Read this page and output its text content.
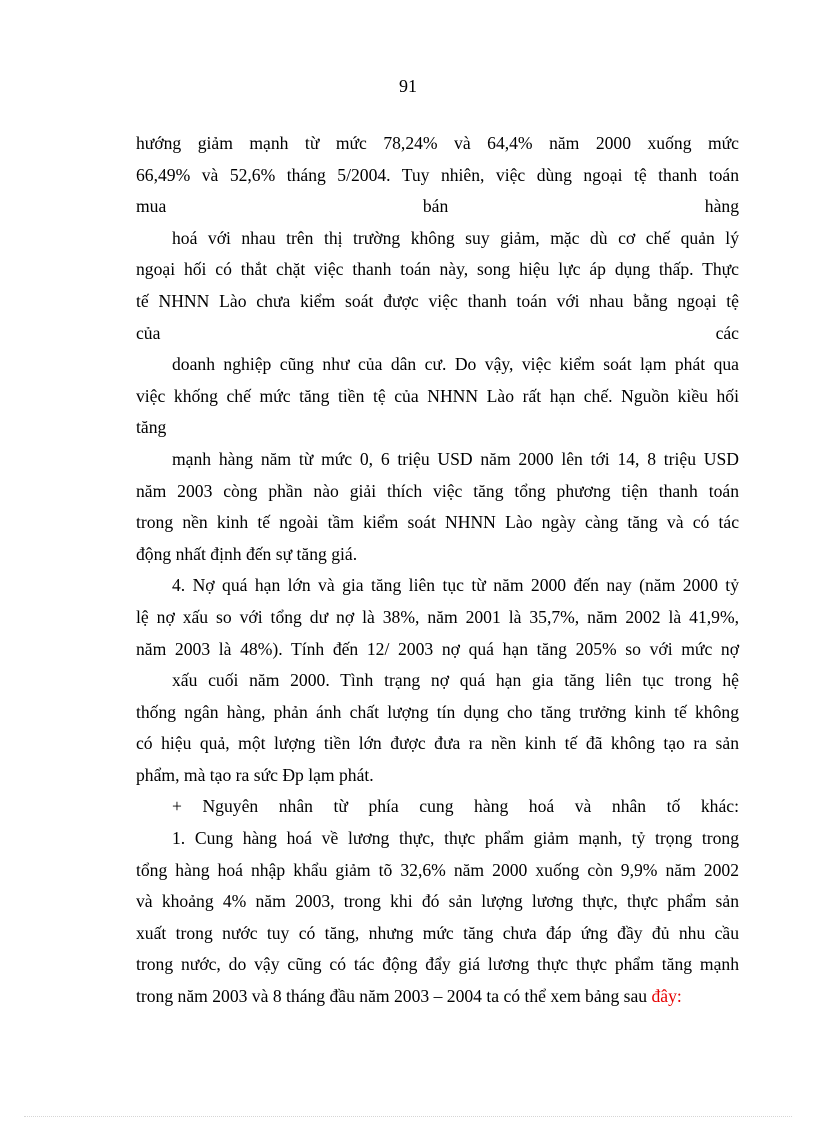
91
hướng giảm mạnh từ mức 78,24% và 64,4% năm 2000 xuống mức
66,49% và 52,6% tháng 5/2004. Tuy nhiên, việc dùng ngoại tệ thanh toán
mua	bán	hàng
hoá với nhau trên thị trường không suy giảm, mặc dù cơ chế quản lý
ngoại hối có thắt chặt việc thanh toán này, song hiệu lực áp dụng thấp. Thực
tế NHNN Lào chưa kiểm soát được việc thanh toán với nhau bằng ngoại tệ
của	các
doanh nghiệp cũng như của dân cư. Do vậy, việc kiểm soát lạm phát qua
việc khống chế mức tăng tiền tệ của NHNN Lào rất hạn chế. Nguồn kiều hối
tăng
mạnh hàng năm từ mức 0, 6 triệu USD năm 2000 lên tới 14, 8 triệu USD
năm 2003 còng phần nào giải thích việc tăng tổng phương tiện thanh toán
trong nền kinh tế ngoài tầm kiểm soát NHNN Lào ngày càng tăng và có tác
động nhất định đến sự tăng giá.
4. Nợ quá hạn lớn và gia tăng liên tục từ năm 2000 đến nay (năm 2000 tỷ
lệ nợ xấu so với tổng dư nợ là 38%, năm 2001 là 35,7%, năm 2002 là 41,9%,
năm 2003 là 48%). Tính đến 12/ 2003 nợ quá hạn tăng 205% so với mức nợ
xấu cuối năm 2000. Tình trạng nợ quá hạn gia tăng liên tục trong hệ
thống ngân hàng, phản ánh chất lượng tín dụng cho tăng trưởng kinh tế không
có hiệu quả, một lượng tiền lớn được đưa ra nền kinh tế đã không tạo ra sản
phẩm, mà tạo ra sức Ðp lạm phát.
+ Nguyên nhân từ phía cung hàng hoá và nhân tố khác:
1. Cung hàng hoá về lương thực, thực phẩm giảm mạnh, tỷ trọng trong
tổng hàng hoá nhập khẩu giảm tõ 32,6% năm 2000 xuống còn 9,9% năm 2002
và khoảng 4% năm 2003, trong khi đó sản lượng lương thực, thực phẩm sản
xuất trong nước tuy có tăng, nhưng mức tăng chưa đáp ứng đầy đủ nhu cầu
trong nước, do vậy cũng có tác động đẩy giá lương thực thực phẩm tăng mạnh
trong năm 2003 và 8 tháng đầu năm 2003 – 2004 ta có thể xem bảng sau đây:
